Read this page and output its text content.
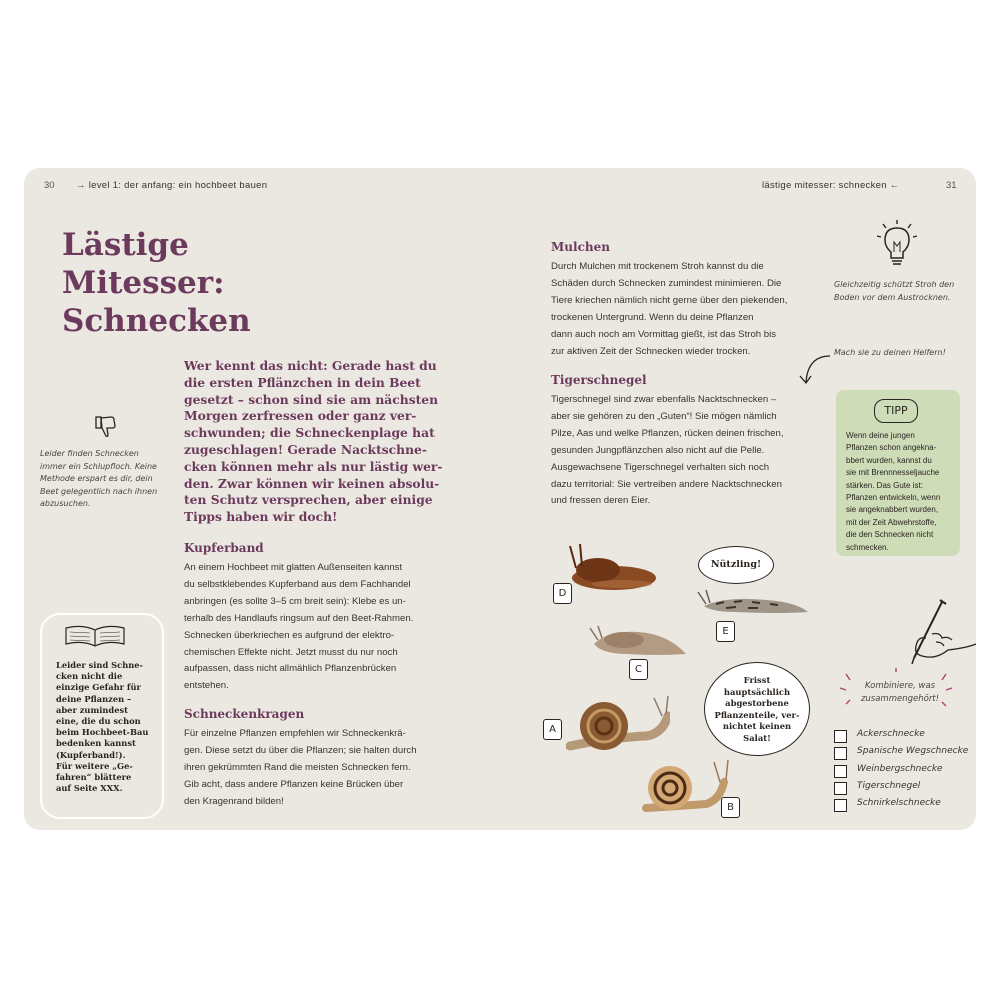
30 → level 1: der anfang: ein hochbeet bauen	lästige mitesser: schnecken ←	31
Lästige Mitesser:
Schnecken
Leider finden Schnecken
immer ein Schlupfloch. Keine
Methode erspart es dir, dein
Beet gelegentlich nach ihnen
abzusuchen.
Wer kennt das nicht: Gerade hast du
die ersten Pflänzchen in dein Beet
gesetzt – schon sind sie am nächsten
Morgen zerfressen oder ganz ver-
schwunden; die Schneckenplage hat
zugeschlagen! Gerade Nacktschne-
cken können mehr als nur lästig wer-
den. Zwar können wir keinen absolu-
ten Schutz versprechen, aber einige
Tipps haben wir doch!
Kupferband
An einem Hochbeet mit glatten Außenseiten kannst
du selbstklebendes Kupferband aus dem Fachhandel
anbringen (es sollte 3–5 cm breit sein): Klebe es un-
terhalb des Handlaufs ringsum auf den Beet-Rahmen.
Schnecken überkriechen es aufgrund der elektro-
chemischen Effekte nicht. Jetzt musst du nur noch
aufpassen, dass nicht allmählich Pflanzenbrücken
entstehen.
Schneckenkragen
Für einzelne Pflanzen empfehlen wir Schneckenkrä-
gen. Diese setzt du über die Pflanzen; sie halten durch
ihren gekrümmten Rand die meisten Schnecken fern.
Gib acht, dass andere Pflanzen keine Brücken über
den Kragenrand bilden!
Leider sind Schne-
cken nicht die
einzige Gefahr für
deine Pflanzen –
aber zumindest
eine, die du schon
beim Hochbeet-Bau
bedenken kannst
(Kupferband!).
Für weitere „Ge-
fahren“ blättere
auf Seite XXX.
Mulchen
Durch Mulchen mit trockenem Stroh kannst du die
Schäden durch Schnecken zumindest minimieren. Die
Tiere kriechen nämlich nicht gerne über den piekenden,
trockenen Untergrund. Wenn du deine Pflanzen
dann auch noch am Vormittag gießt, ist das Stroh bis
zur aktiven Zeit der Schnecken wieder trocken.
Tigerschnegel
Tigerschnegel sind zwar ebenfalls Nacktschnecken –
aber sie gehören zu den „Guten“! Sie mögen nämlich
Pilze, Aas und welke Pflanzen, rücken deinen frischen,
gesunden Jungpflänzchen also nicht auf die Pelle.
Ausgewachsene Tigerschnegel verhalten sich noch
dazu territorial: Sie vertreiben andere Nacktschnecken
und fressen deren Eier.
Gleichzeitig schützt Stroh den
Boden vor dem Austrocknen.
Mach sie zu deinen Helfern!
TIPP
Wenn deine jungen
Pflanzen schon angekna-
bbert wurden, kannst du
sie mit Brennnesseljauche
stärken. Das Gute ist:
Pflanzen entwickeln, wenn
sie angeknabbert wurden,
mit der Zeit Abwehrstoffe,
die den Schnecken nicht
schmecken.
D
E
C
A
B
Nützling!
Frisst
hauptsächlich
abgestorbene
Pflanzenteile, ver-
nichtet keinen
Salat!
Kombiniere, was
zusammengehört!
Ackerschnecke
Spanische Wegschnecke
Weinbergschnecke
Tigerschnegel
Schnirkelschnecke
